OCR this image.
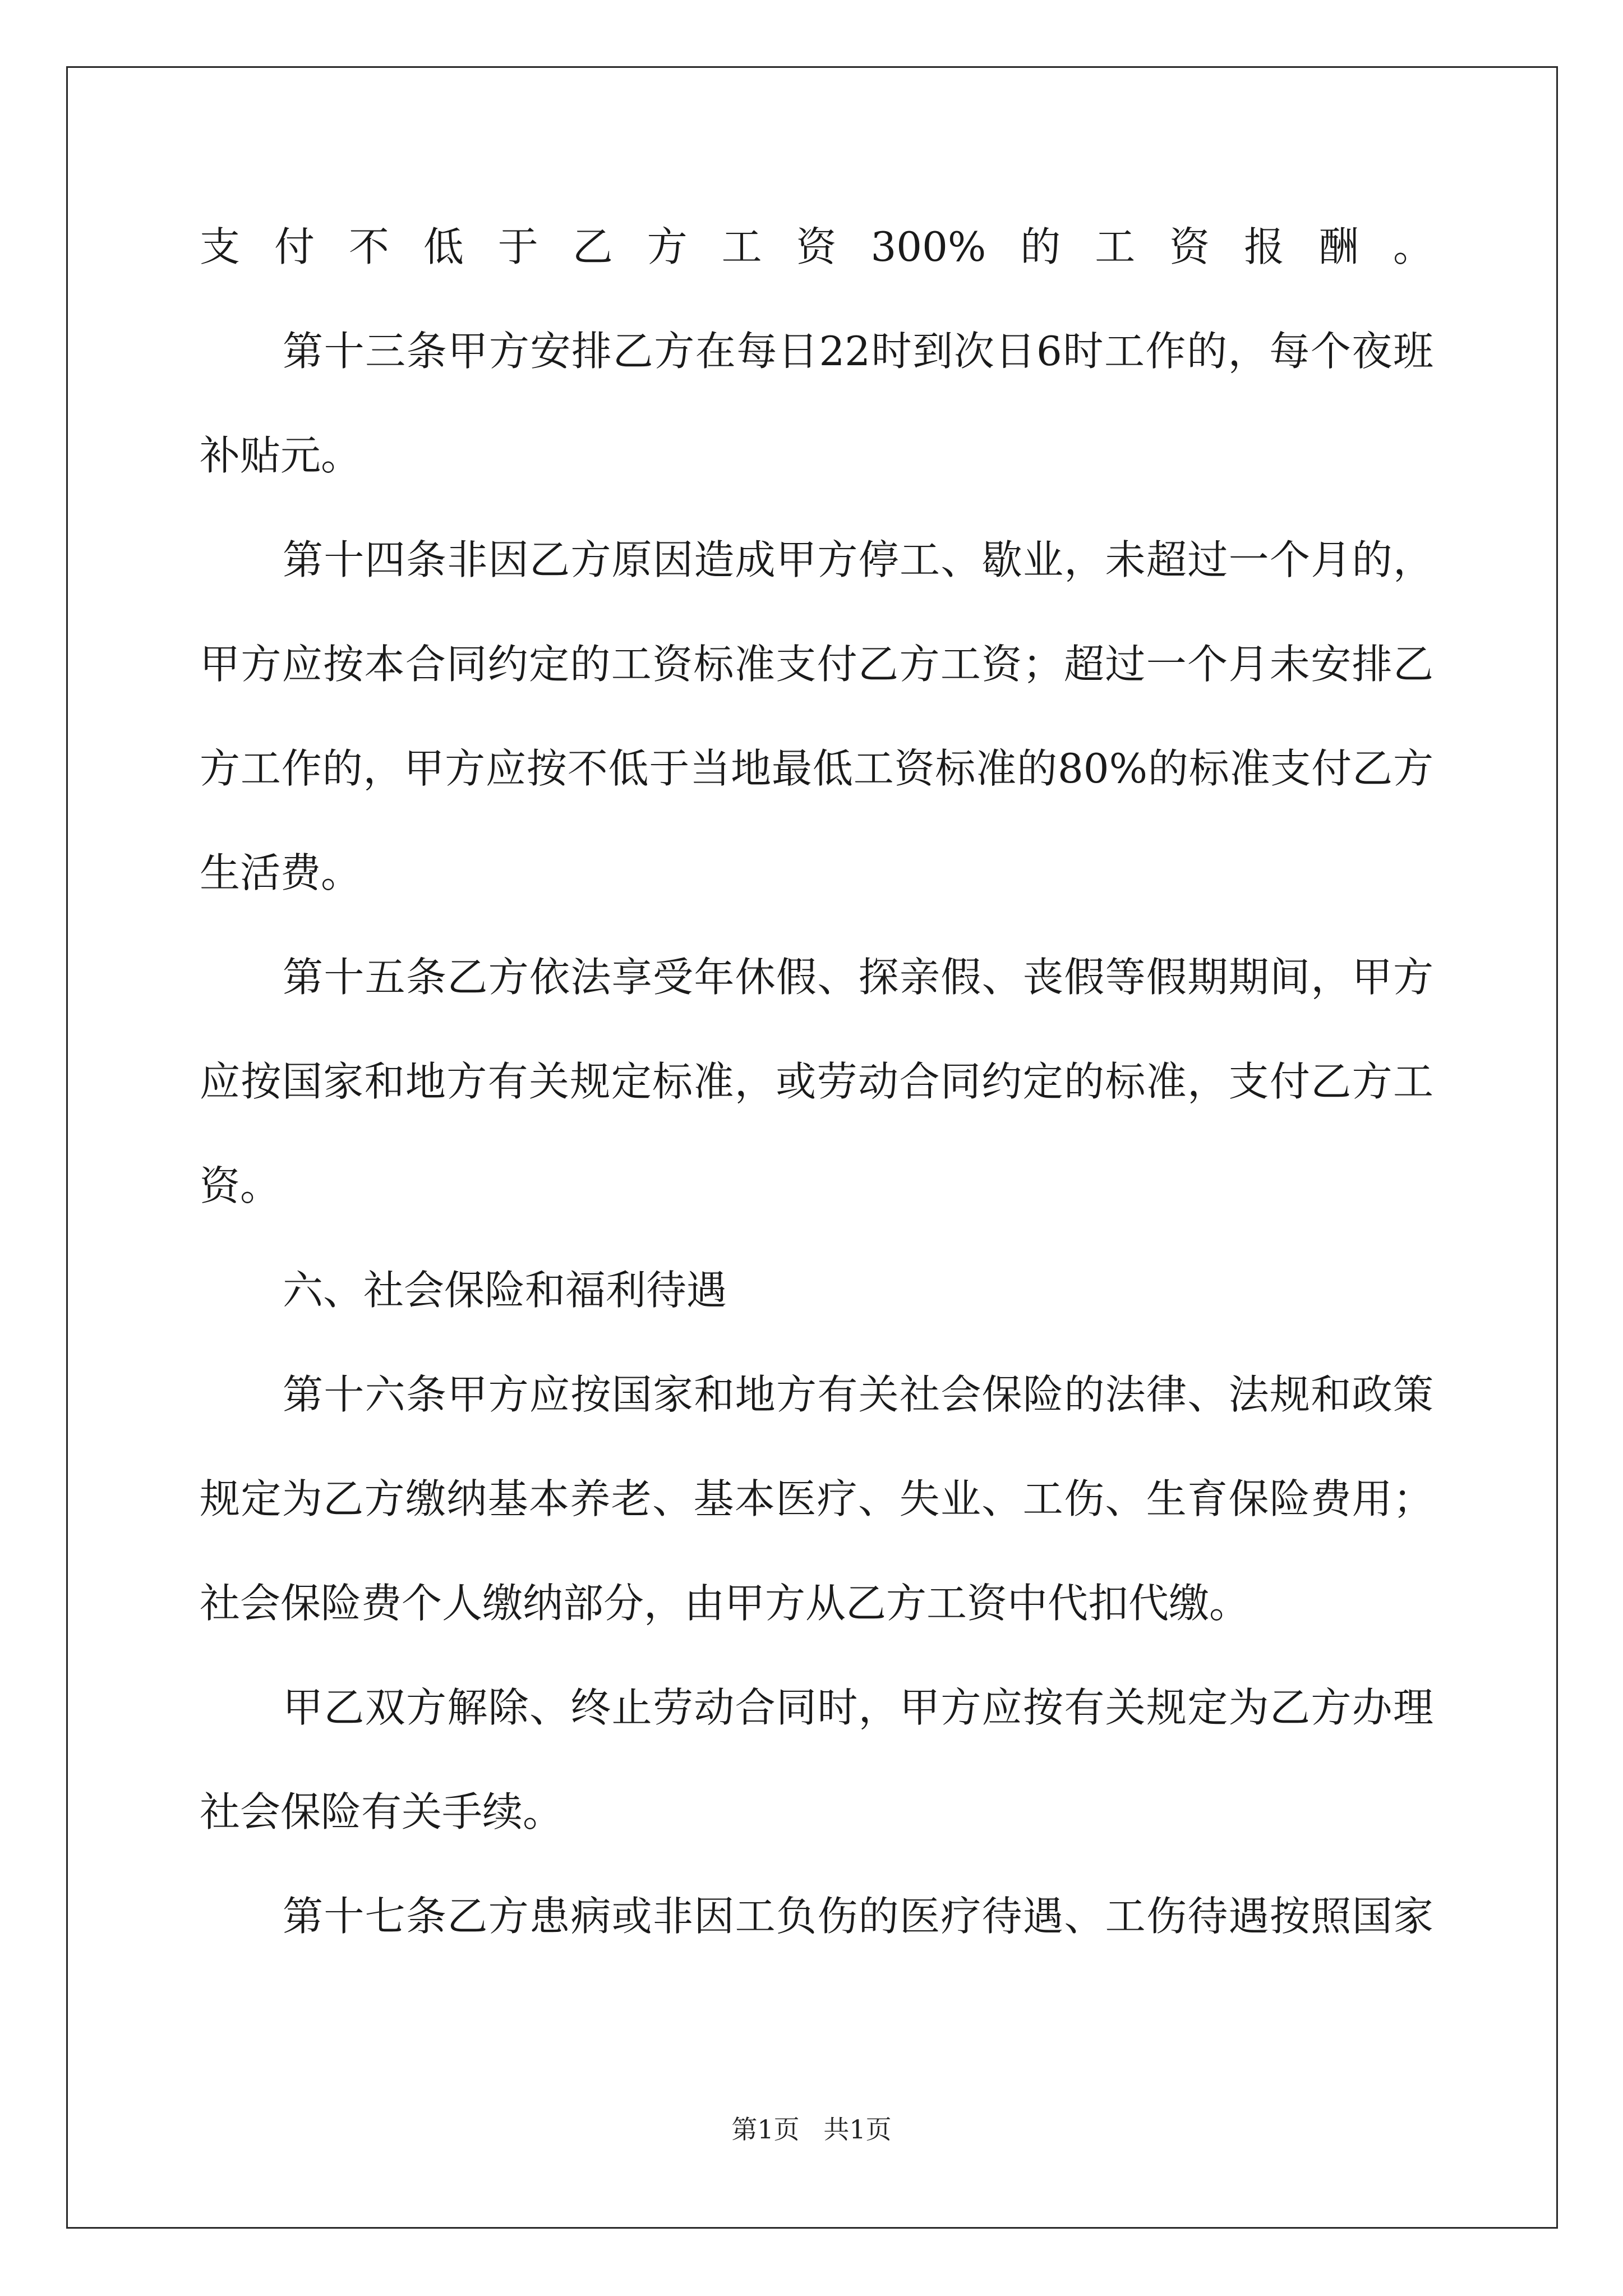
支付不低于乙方工资300%的工资报酬。
第十三条甲方安排乙方在每日22时到次日6时工作的，每个夜班
补贴元。
第十四条非因乙方原因造成甲方停工、歇业，未超过一个月的，
甲方应按本合同约定的工资标准支付乙方工资；超过一个月未安排乙
方工作的，甲方应按不低于当地最低工资标准的80%的标准支付乙方
生活费。
第十五条乙方依法享受年休假、探亲假、丧假等假期期间，甲方
应按国家和地方有关规定标准，或劳动合同约定的标准，支付乙方工
资。
六、社会保险和福利待遇
第十六条甲方应按国家和地方有关社会保险的法律、法规和政策
规定为乙方缴纳基本养老、基本医疗、失业、工伤、生育保险费用；
社会保险费个人缴纳部分，由甲方从乙方工资中代扣代缴。
甲乙双方解除、终止劳动合同时，甲方应按有关规定为乙方办理
社会保险有关手续。
第十七条乙方患病或非因工负伤的医疗待遇、工伤待遇按照国家
第1页 共1页
